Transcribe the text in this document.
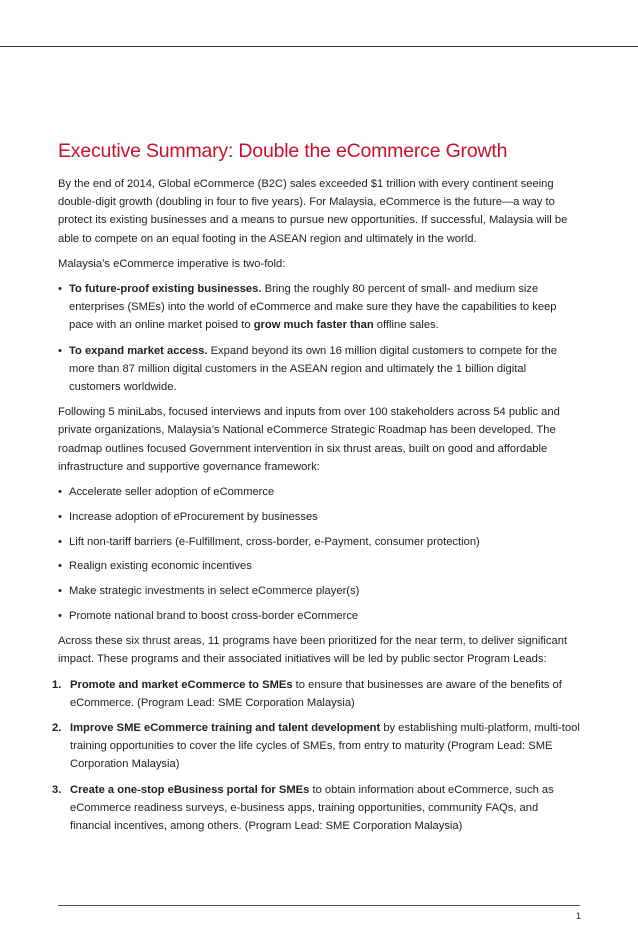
Executive Summary: Double the eCommerce Growth

By the end of 2014, Global eCommerce (B2C) sales exceeded $1 trillion with every continent seeing double-digit growth (doubling in four to five years). For Malaysia, eCommerce is the future—a way to protect its existing businesses and a means to pursue new opportunities. If successful, Malaysia will be able to compete on an equal footing in the ASEAN region and ultimately in the world.

Malaysia’s eCommerce imperative is two-fold:

• To future-proof existing businesses. Bring the roughly 80 percent of small- and medium size enterprises (SMEs) into the world of eCommerce and make sure they have the capabilities to keep pace with an online market poised to grow much faster than offline sales.
• To expand market access. Expand beyond its own 16 million digital customers to compete for the more than 87 million digital customers in the ASEAN region and ultimately the 1 billion digital customers worldwide.

Following 5 miniLabs, focused interviews and inputs from over 100 stakeholders across 54 public and private organizations, Malaysia’s National eCommerce Strategic Roadmap has been developed. The roadmap outlines focused Government intervention in six thrust areas, built on good and affordable infrastructure and supportive governance framework:

• Accelerate seller adoption of eCommerce
• Increase adoption of eProcurement by businesses
• Lift non-tariff barriers (e-Fulfillment, cross-border, e-Payment, consumer protection)
• Realign existing economic incentives
• Make strategic investments in select eCommerce player(s)
• Promote national brand to boost cross-border eCommerce

Across these six thrust areas, 11 programs have been prioritized for the near term, to deliver significant impact. These programs and their associated initiatives will be led by public sector Program Leads:

1. Promote and market eCommerce to SMEs to ensure that businesses are aware of the benefits of eCommerce. (Program Lead: SME Corporation Malaysia)
2. Improve SME eCommerce training and talent development by establishing multi-platform, multi-tool training opportunities to cover the life cycles of SMEs, from entry to maturity (Program Lead: SME Corporation Malaysia)
3. Create a one-stop eBusiness portal for SMEs to obtain information about eCommerce, such as eCommerce readiness surveys, e-business apps, training opportunities, community FAQs, and financial incentives, among others. (Program Lead: SME Corporation Malaysia)
1
